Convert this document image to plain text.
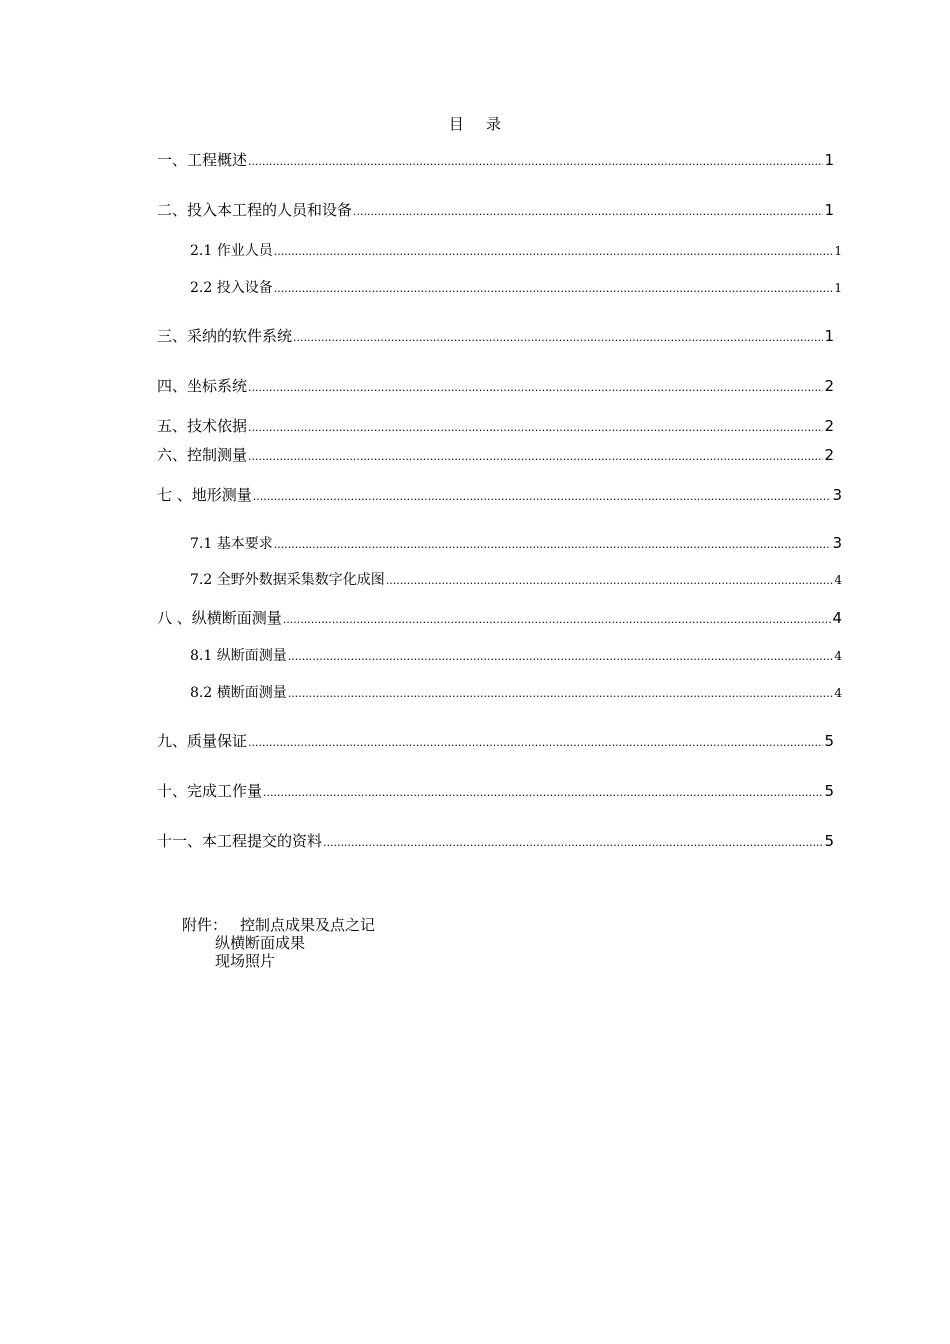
目 录
一、工程概述 .....	1
二、投入本工程的人员和设备 .....	1
2.1 作业人员 .....	1
2.2 投入设备 .....	1
三、采纳的软件系统 .....	1
四、坐标系统 .....	2
五、技术依据 .....	2
六、控制测量 .....	2
七 、地形测量 .....	3
7.1 基本要求 .....	3
7.2 全野外数据采集数字化成图 .....	4
八 、纵横断面测量 .....	4
8.1 纵断面测量 .....	4
8.2 横断面测量 .....	4
九、质量保证 .....	5
十、完成工作量 .....	5
十一、本工程提交的资料 .....	5
附件： 控制点成果及点之记
纵横断面成果
现场照片
